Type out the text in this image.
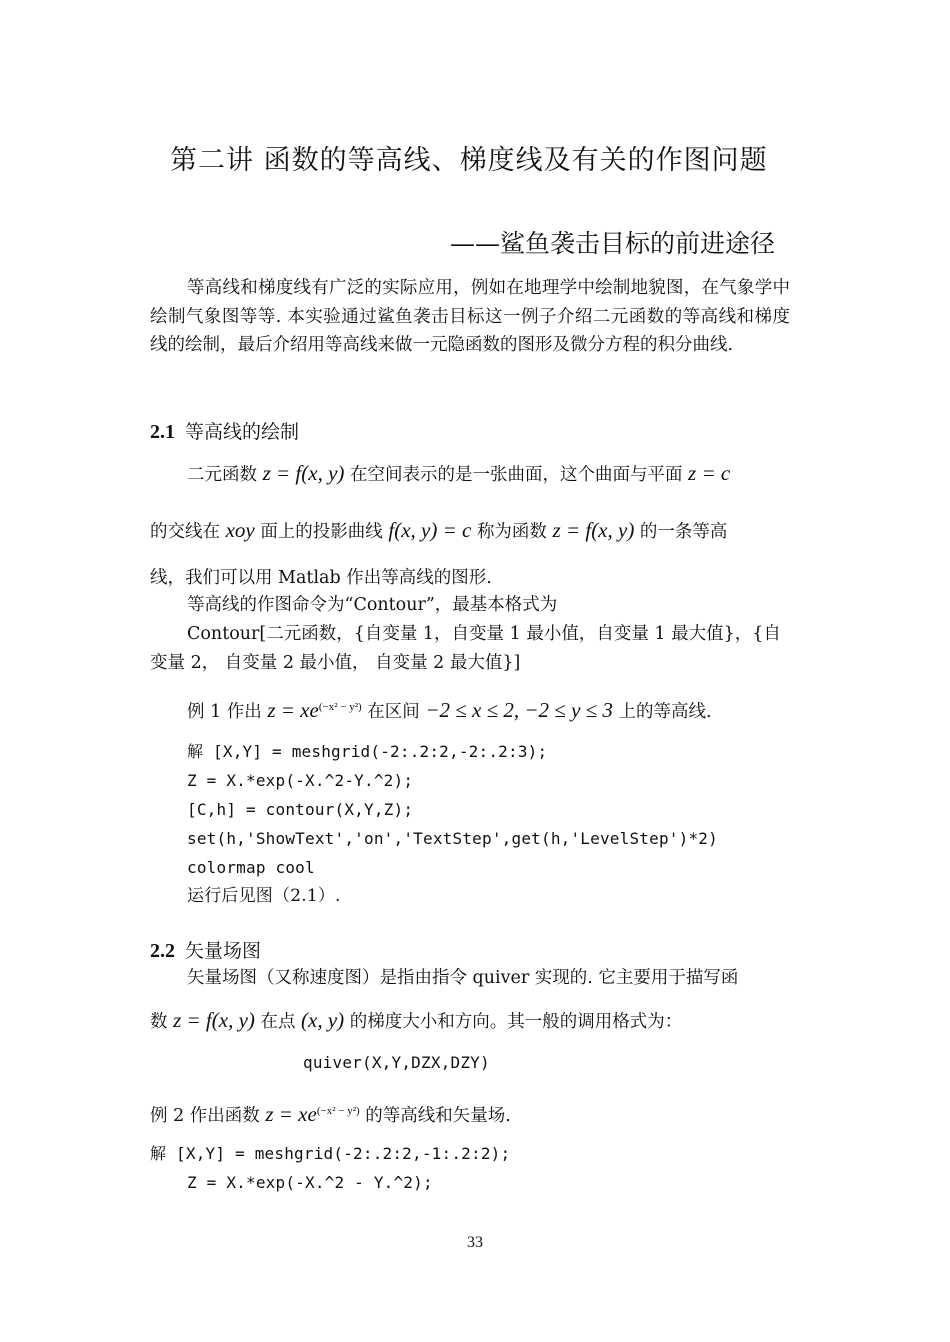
第二讲 函数的等高线、梯度线及有关的作图问题
——鲨鱼袭击目标的前进途径
等高线和梯度线有广泛的实际应用，例如在地理学中绘制地貌图，在气象学中绘制气象图等等. 本实验通过鲨鱼袭击目标这一例子介绍二元函数的等高线和梯度线的绘制，最后介绍用等高线来做一元隐函数的图形及微分方程的积分曲线.
2.1 等高线的绘制
二元函数 z = f(x, y) 在空间表示的是一张曲面，这个曲面与平面 z = c
的交线在 xoy 面上的投影曲线 f(x, y) = c 称为函数 z = f(x, y) 的一条等高
线，我们可以用 Matlab 作出等高线的图形.
等高线的作图命令为“Contour”，最基本格式为
Contour[二元函数，{自变量 1，自变量 1 最小值，自变量 1 最大值}，{自
变量 2， 自变量 2 最小值， 自变量 2 最大值}]
例 1 作出 $z = xe^{(-x^2 - y^2)}$ 在区间 −2 ≤ x ≤ 2, −2 ≤ y ≤ 3 上的等高线.
解 [X,Y] = meshgrid(-2:.2:2,-2:.2:3);
Z = X.*exp(-X.^2-Y.^2);
[C,h] = contour(X,Y,Z);
set(h,'ShowText','on','TextStep',get(h,'LevelStep')*2)
colormap cool
运行后见图（2.1）.
2.2 矢量场图
矢量场图（又称速度图）是指由指令 quiver 实现的. 它主要用于描写函
数 z = f(x, y) 在点 (x, y) 的梯度大小和方向。其一般的调用格式为：
quiver(X,Y,DZX,DZY)
例 2 作出函数 $z = xe^{(-x^2 - y^2)}$ 的等高线和矢量场.
解 [X,Y] = meshgrid(-2:.2:2,-1:.2:2);
Z = X.*exp(-X.^2 - Y.^2);
33
